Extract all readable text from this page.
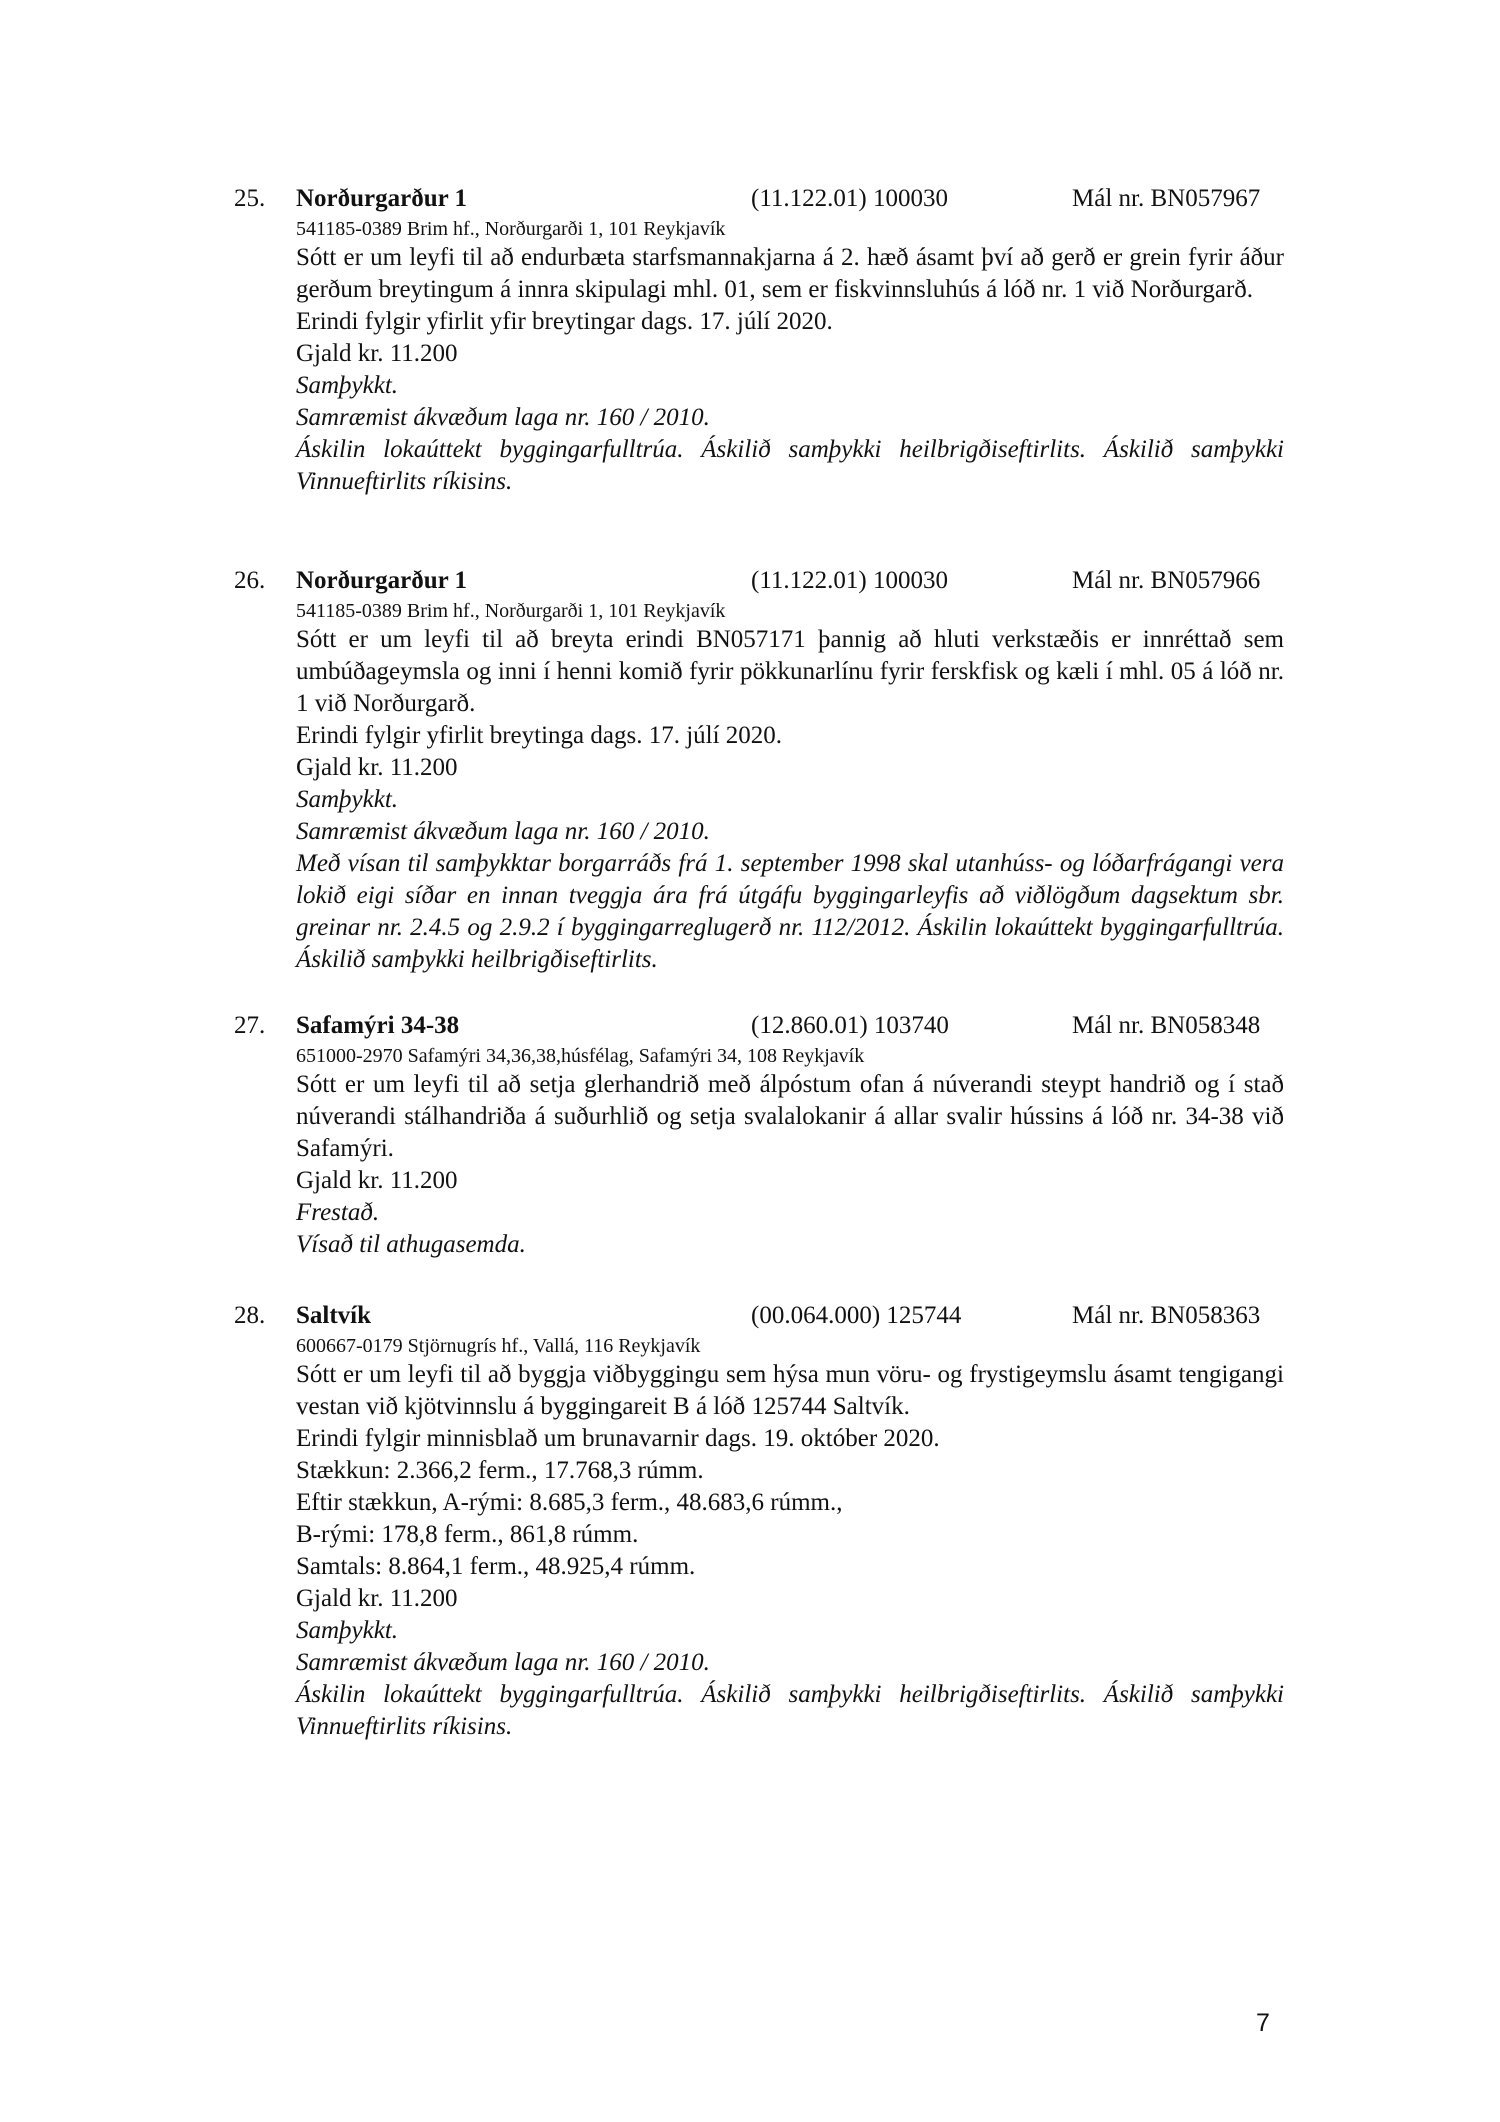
25. Norðurgarður 1	(11.122.01) 100030	Mál nr. BN057967
541185-0389 Brim hf., Norðurgarði 1, 101 Reykjavík

Sótt er um leyfi til að endurbæta starfsmannakjarna á 2. hæð ásamt því að gerð er grein fyrir áður gerðum breytingum á innra skipulagi mhl. 01, sem er fiskvinnsluhús á lóð nr. 1 við Norðurgarð.

Erindi fylgir yfirlit yfir breytingar dags. 17. júlí 2020.

Gjald kr. 11.200

Samþykkt.

Samræmist ákvæðum laga nr. 160 / 2010.

Áskilin lokaúttekt byggingarfulltrúa. Áskilið samþykki heilbrigðiseftirlits. Áskilið samþykki Vinnueftirlits ríkisins.

26. Norðurgarður 1	(11.122.01) 100030	Mál nr. BN057966
541185-0389 Brim hf., Norðurgarði 1, 101 Reykjavík

Sótt er um leyfi til að breyta erindi BN057171 þannig að hluti verkstæðis er innréttað sem umbúðageymsla og inni í henni komið fyrir pökkunarlínu fyrir ferskfisk og kæli í mhl. 05 á lóð nr. 1 við Norðurgarð.

Erindi fylgir yfirlit breytinga dags. 17. júlí 2020.

Gjald kr. 11.200

Samþykkt.

Samræmist ákvæðum laga nr. 160 / 2010.

Með vísan til samþykktar borgarráðs frá 1. september 1998 skal utanhúss- og lóðarfrágangi vera lokið eigi síðar en innan tveggja ára frá útgáfu byggingarleyfis að viðlögðum dagsektum sbr. greinar nr. 2.4.5 og 2.9.2 í byggingarreglugerð nr. 112/2012. Áskilin lokaúttekt byggingarfulltrúa. Áskilið samþykki heilbrigðiseftirlits.

27. Safamýri 34-38	(12.860.01) 103740	Mál nr. BN058348
651000-2970 Safamýri 34,36,38,húsfélag, Safamýri 34, 108 Reykjavík

Sótt er um leyfi til að setja glerhandrið með álpóstum ofan á núverandi steypt handrið og í stað núverandi stálhandriða á suðurhlið og setja svalalokanir á allar svalir hússins á lóð nr. 34-38 við Safamýri.

Gjald kr. 11.200

Frestað.

Vísað til athugasemda.

28. Saltvík	(00.064.000) 125744	Mál nr. BN058363
600667-0179 Stjörnugrís hf., Vallá, 116 Reykjavík

Sótt er um leyfi til að byggja viðbyggingu sem hýsa mun vöru- og frystigeymslu ásamt tengigangi vestan við kjötvinnslu á byggingareit B á lóð 125744 Saltvík.

Erindi fylgir minnisblað um brunavarnir dags. 19. október 2020.

Stækkun: 2.366,2 ferm., 17.768,3 rúmm.

Eftir stækkun, A-rými: 8.685,3 ferm., 48.683,6 rúmm.,

B-rými: 178,8 ferm., 861,8 rúmm.

Samtals: 8.864,1 ferm., 48.925,4 rúmm.

Gjald kr. 11.200

Samþykkt.

Samræmist ákvæðum laga nr. 160 / 2010.

Áskilin lokaúttekt byggingarfulltrúa. Áskilið samþykki heilbrigðiseftirlits. Áskilið samþykki Vinnueftirlits ríkisins.

7
